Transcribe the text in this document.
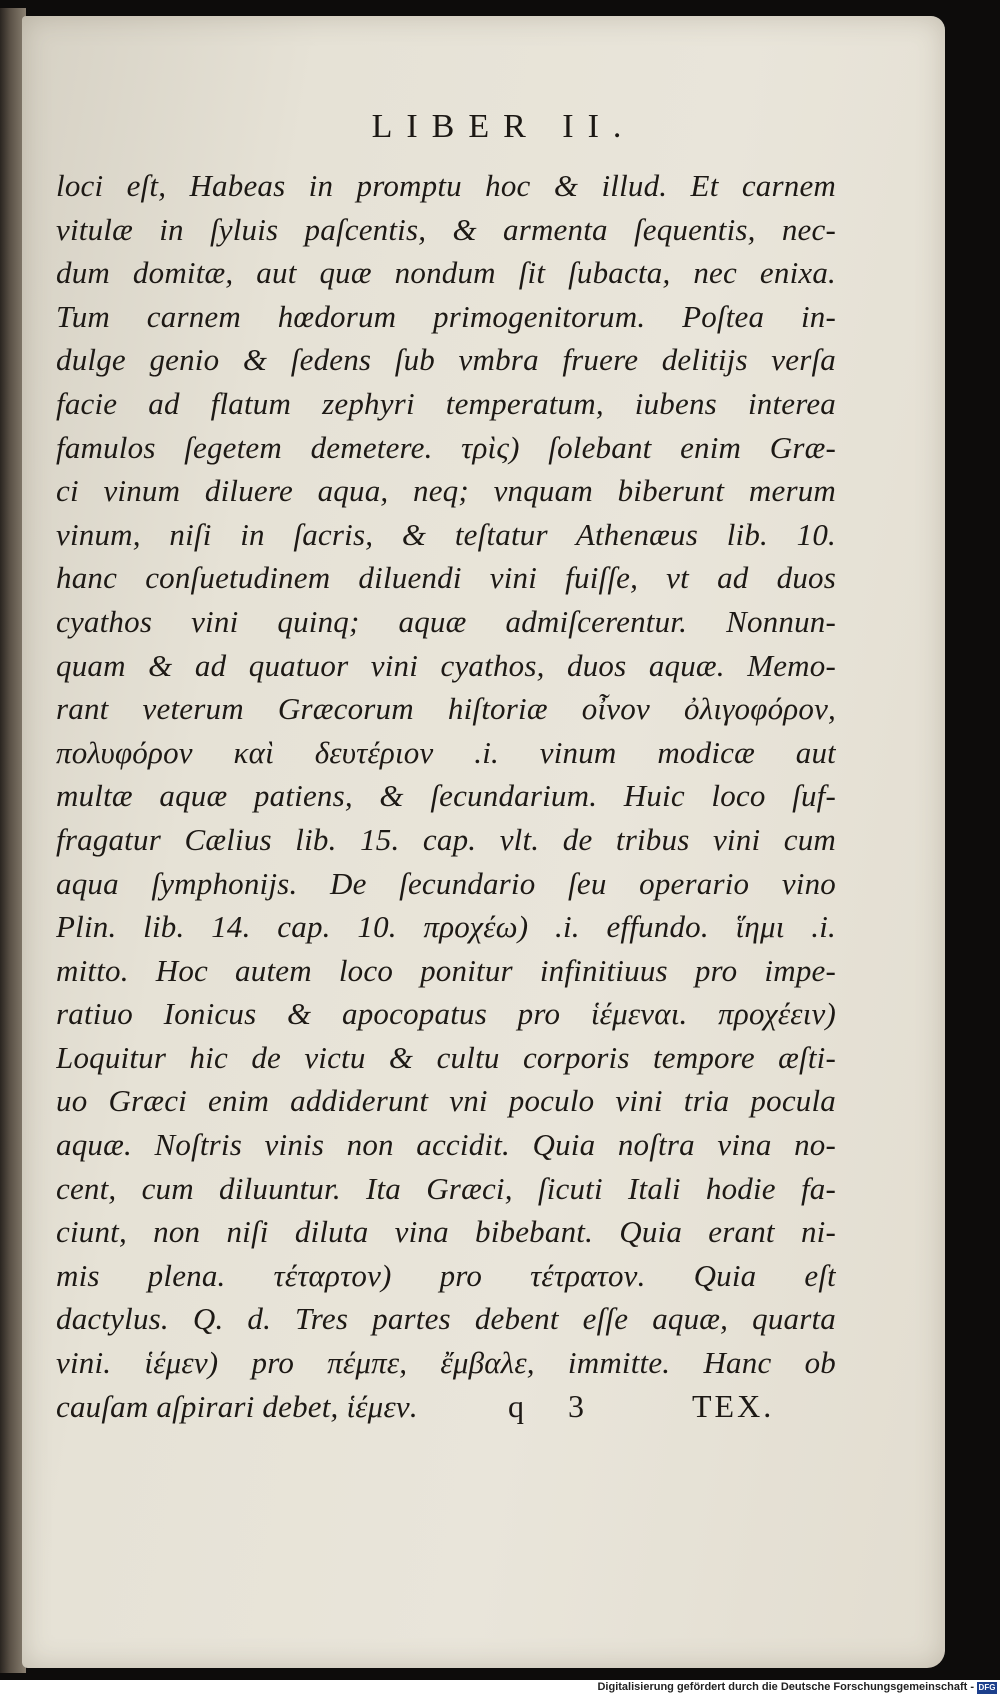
LIBER II.
loci eſt, Habeas in promptu hoc & illud. Et carnem
vitulæ in ſyluis paſcentis, & armenta ſequentis, nec-
dum domitæ, aut quæ nondum ſit ſubacta, nec enixa.
Tum carnem hœdorum primogenitorum. Poſtea in-
dulge genio & ſedens ſub vmbra fruere delitijs verſa
facie ad flatum zephyri temperatum, iubens interea
famulos ſegetem demetere. τρὶς) ſolebant enim Græ-
ci vinum diluere aqua, neq; vnquam biberunt merum
vinum, niſi in ſacris, & teſtatur Athenæus lib. 10.
hanc conſuetudinem diluendi vini fuiſſe, vt ad duos
cyathos vini quinq; aquæ admiſcerentur. Nonnun-
quam & ad quatuor vini cyathos, duos aquæ. Memo-
rant veterum Græcorum hiſtoriæ οἶνον ὀλιγοφόρον,
πολυφόρον καὶ δευτέριον .i. vinum modicæ aut
multæ aquæ patiens, & ſecundarium. Huic loco ſuf-
fragatur Cælius lib. 15. cap. vlt. de tribus vini cum
aqua ſymphonijs. De ſecundario ſeu operario vino
Plin. lib. 14. cap. 10. προχέω) .i. effundo. ἵημι .i.
mitto. Hoc autem loco ponitur infinitiuus pro impe-
ratiuo Ionicus & apocopatus pro ἱέμεναι. προχέειν)
Loquitur hic de victu & cultu corporis tempore æſti-
uo Græci enim addiderunt vni poculo vini tria pocula
aquæ. Noſtris vinis non accidit. Quia noſtra vina no-
cent, cum diluuntur. Ita Græci, ſicuti Itali hodie fa-
ciunt, non niſi diluta vina bibebant. Quia erant ni-
mis plena. τέταρτον) pro τέτρατον. Quia eſt
dactylus. Q. d. Tres partes debent eſſe aquæ, quarta
vini. ἱέμεν) pro πέμπε, ἔμβαλε, immitte. Hanc ob
cauſam aſpirari debet, ἱέμεν.	q 3	TEX.
Digitalisierung gefördert durch die Deutsche Forschungsgemeinschaft - DFG
